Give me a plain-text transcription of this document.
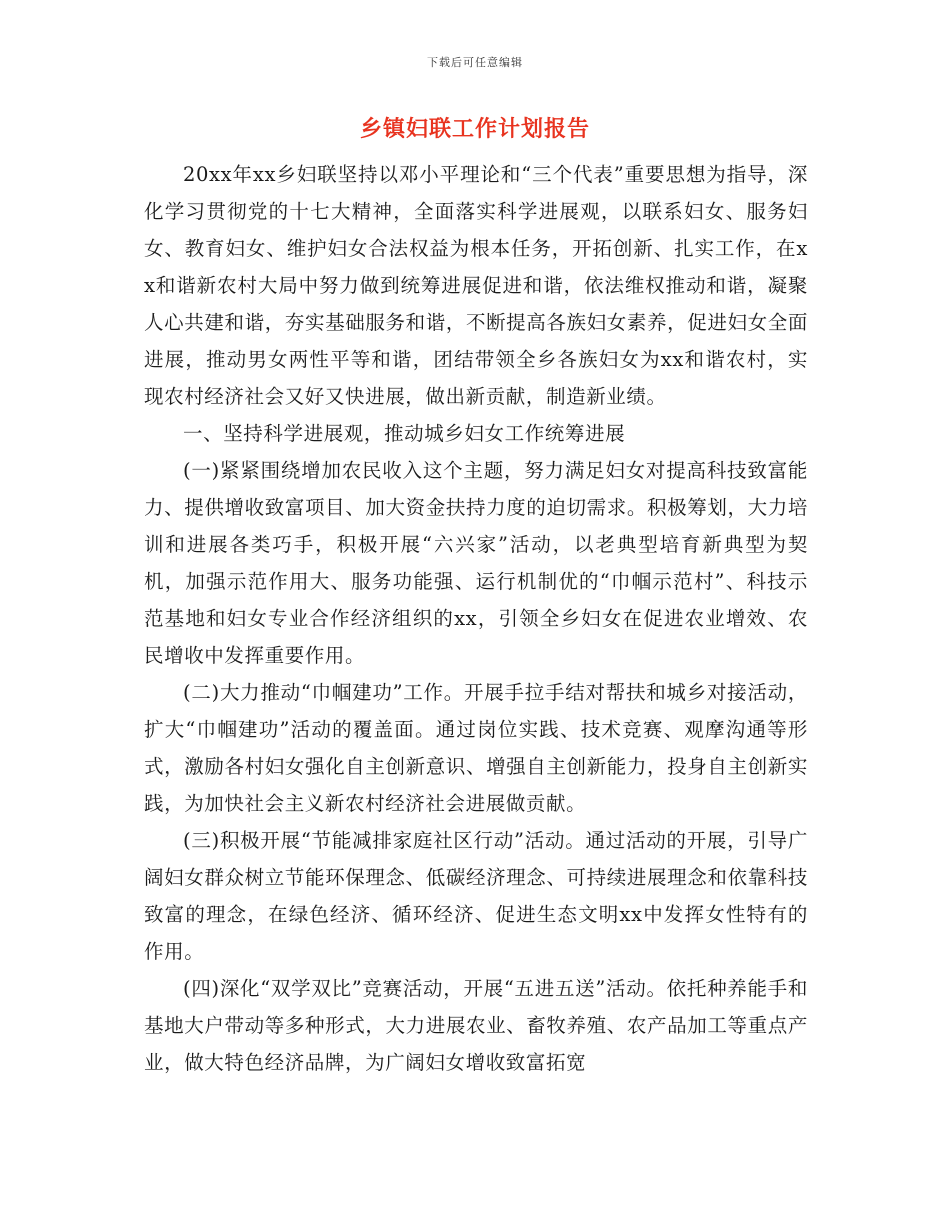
下载后可任意编辑
乡镇妇联工作计划报告

20xx年xx乡妇联坚持以邓小平理论和“三个代表”重要思想为指导，深化学习贯彻党的十七大精神，全面落实科学进展观，以联系妇女、服务妇女、教育妇女、维护妇女合法权益为根本任务，开拓创新、扎实工作，在xx和谐新农村大局中努力做到统筹进展促进和谐，依法维权推动和谐，凝聚人心共建和谐，夯实基础服务和谐，不断提高各族妇女素养，促进妇女全面进展，推动男女两性平等和谐，团结带领全乡各族妇女为xx和谐农村，实现农村经济社会又好又快进展，做出新贡献，制造新业绩。

一、坚持科学进展观，推动城乡妇女工作统筹进展

(一)紧紧围绕增加农民收入这个主题，努力满足妇女对提高科技致富能力、提供增收致富项目、加大资金扶持力度的迫切需求。积极筹划，大力培训和进展各类巧手，积极开展“六兴家”活动，以老典型培育新典型为契机，加强示范作用大、服务功能强、运行机制优的“巾帼示范村”、科技示范基地和妇女专业合作经济组织的xx，引领全乡妇女在促进农业增效、农民增收中发挥重要作用。

(二)大力推动“巾帼建功”工作。开展手拉手结对帮扶和城乡对接活动，扩大“巾帼建功”活动的覆盖面。通过岗位实践、技术竞赛、观摩沟通等形式，激励各村妇女强化自主创新意识、增强自主创新能力，投身自主创新实践，为加快社会主义新农村经济社会进展做贡献。

(三)积极开展“节能减排家庭社区行动”活动。通过活动的开展，引导广阔妇女群众树立节能环保理念、低碳经济理念、可持续进展理念和依靠科技致富的理念，在绿色经济、循环经济、促进生态文明xx中发挥女性特有的作用。

(四)深化“双学双比”竞赛活动，开展“五进五送”活动。依托种养能手和基地大户带动等多种形式，大力进展农业、畜牧养殖、农产品加工等重点产业，做大特色经济品牌，为广阔妇女增收致富拓宽
